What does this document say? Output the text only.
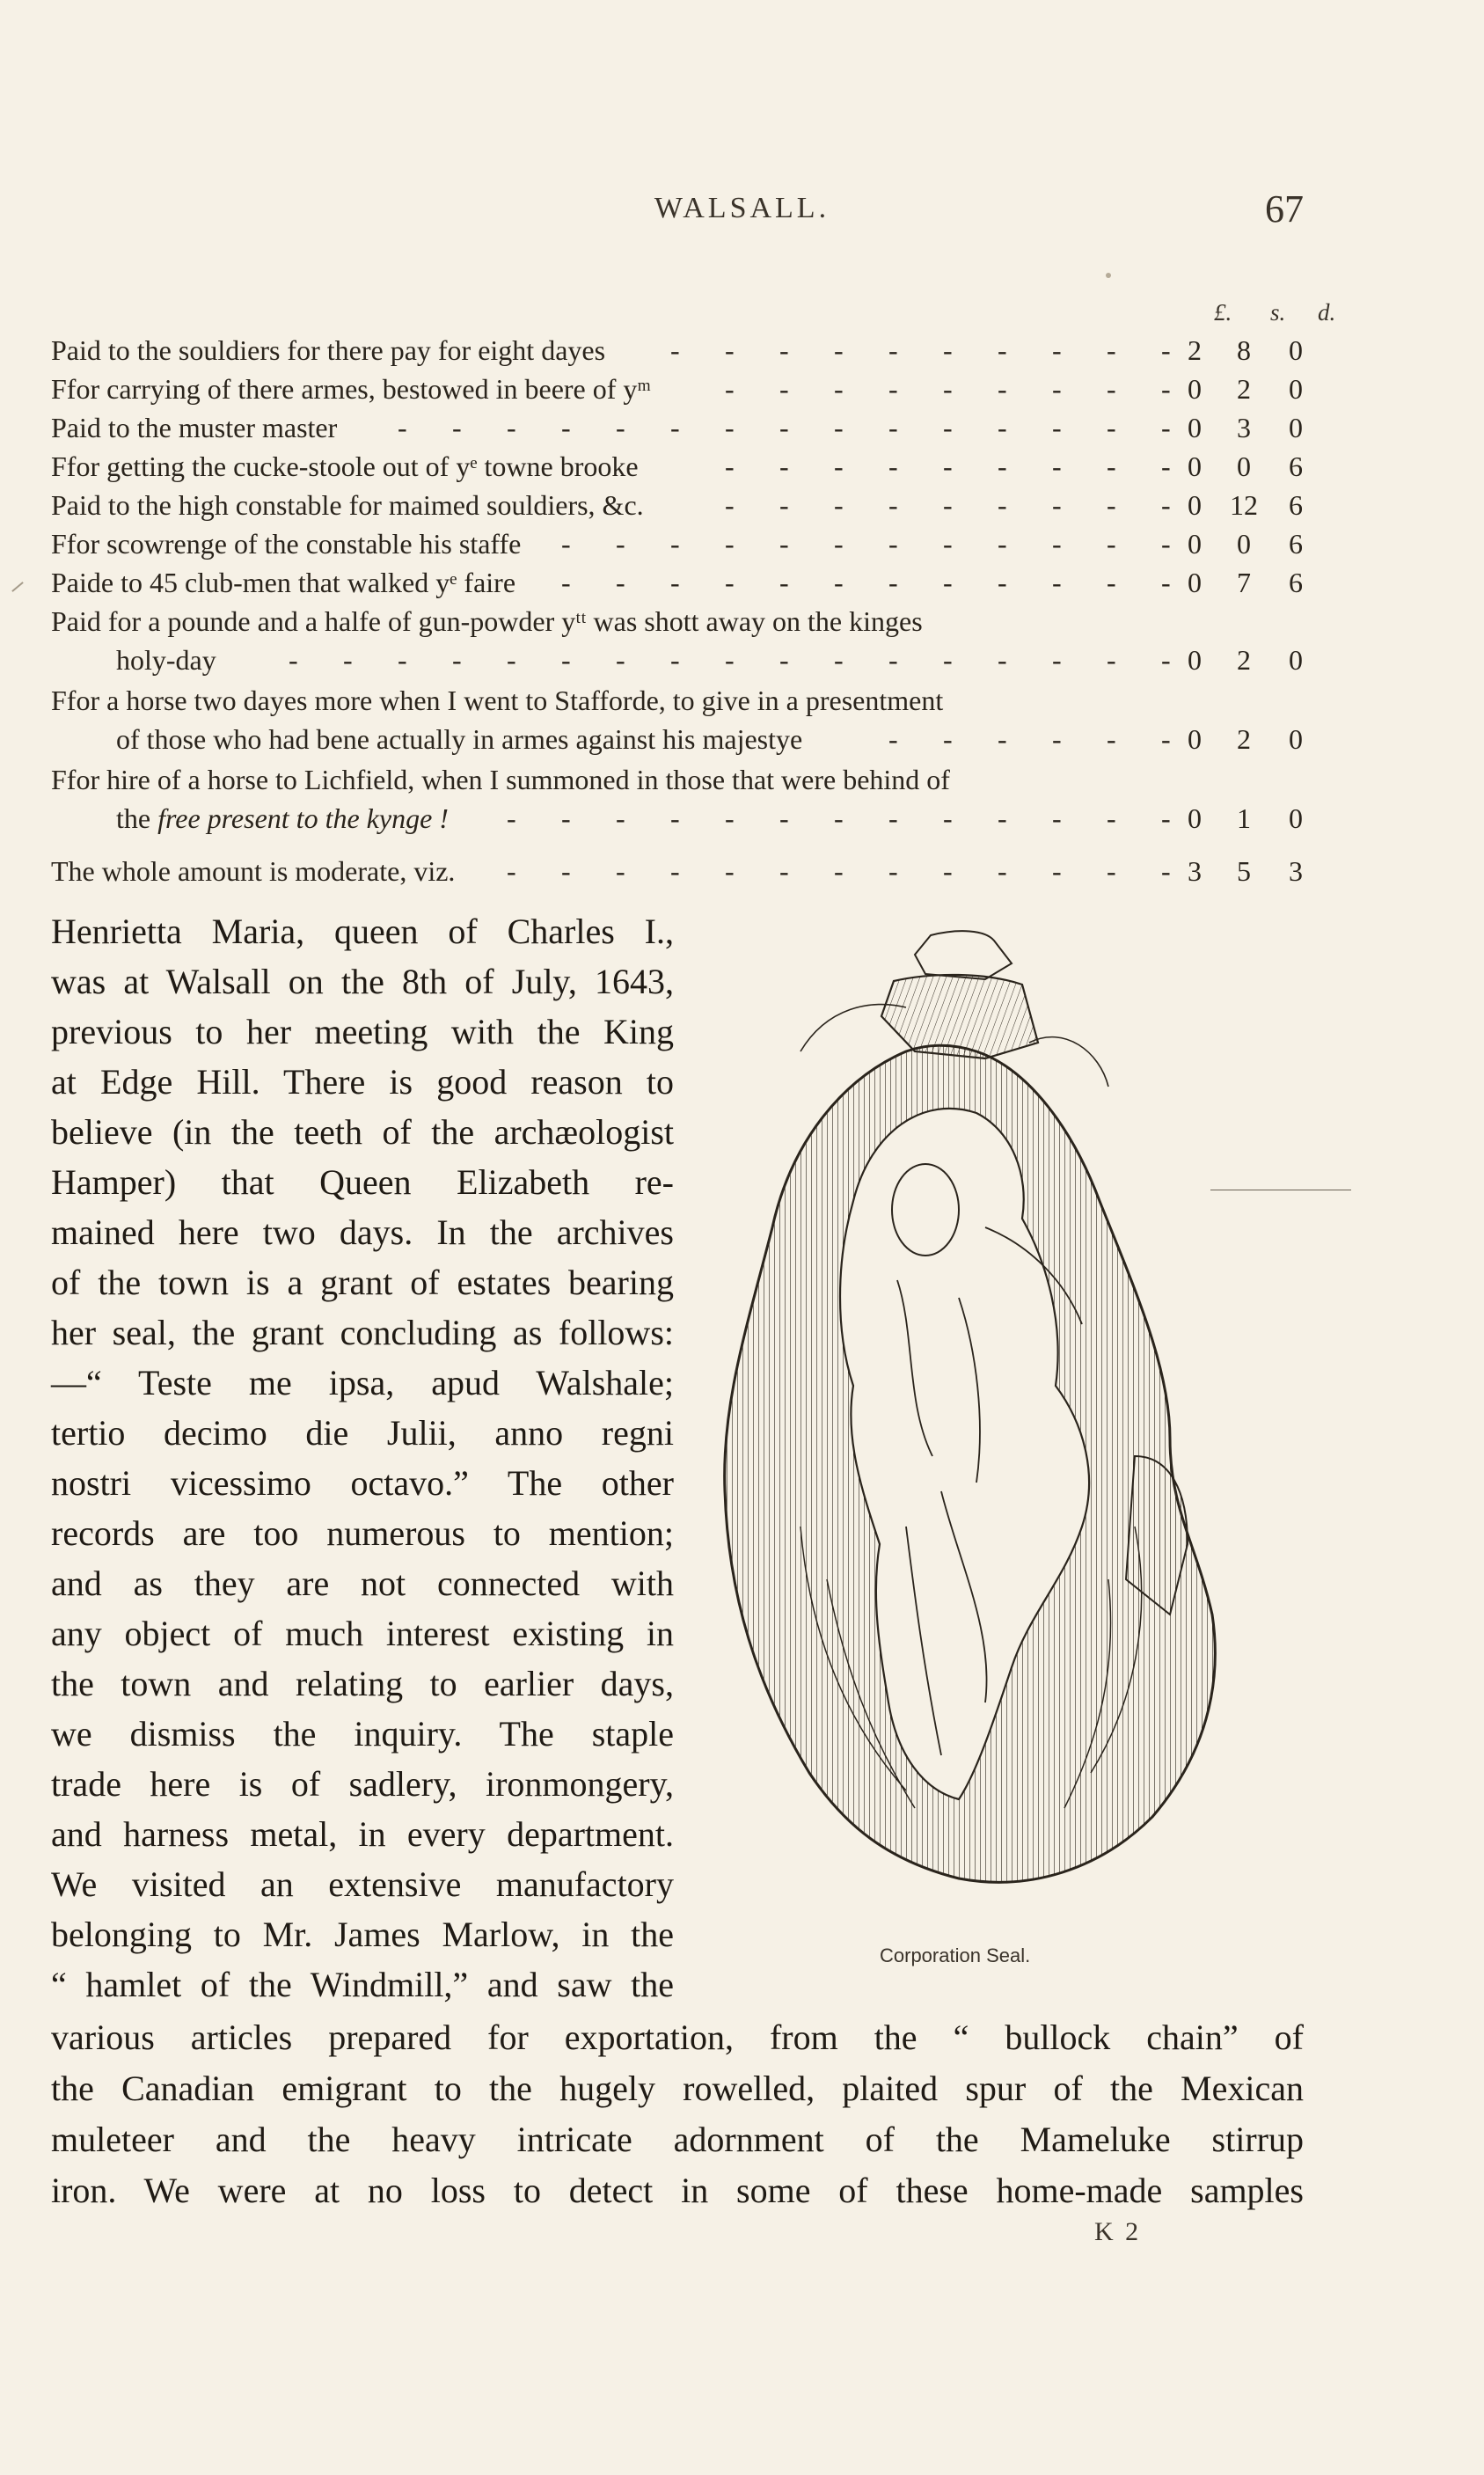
WALSALL.	67
£. s. d.
Paid to the souldiers for there pay for eight dayes	2	8	0
- - - - - - - - - -
Ffor carrying of there armes, bestowed in beere of yᵐ	0	2	0
- - - - - - - - -
Paid to the muster master	0	3	0
- - - - - - - - - - - - - - -
Ffor getting the cucke-stoole out of yᵉ towne brooke	0	0	6
- - - - - - - - -
Paid to the high constable for maimed souldiers, &c.	0	12	6
- - - - - - - - -
Ffor scowrenge of the constable his staffe	0	0	6
- - - - - - - - - - - -
Paide to 45 club-men that walked yᵉ faire	0	7	6
- - - - - - - - - - - -
Paid for a pounde and a halfe of gun-powder yᵗᵗ was shott away on the kinges
holy-day	0	2	0
- - - - - - - - - - - - - - - - -
Ffor a horse two dayes more when I went to Stafforde, to give in a presentment
of those who had bene actually in armes against his majestye	0	2	0
- - - - - -
Ffor hire of a horse to Lichfield, when I summoned in those that were behind of
the free present to the kynge !	0	1	0
- - - - - - - - - - - - -
The whole amount is moderate, viz.	3	5	3
- - - - - - - - - - - - -
Henrietta Maria, queen of Charles I.,
was at Walsall on the 8th of July, 1643,
previous to her meeting with the King
at Edge Hill. There is good reason to
believe (in the teeth of the archæologist
Hamper) that Queen Elizabeth re-
mained here two days. In the archives
of the town is a grant of estates bearing
her seal, the grant concluding as follows:
—“ Teste me ipsa, apud Walshale;
tertio decimo die Julii, anno regni
nostri vicessimo octavo.” The other
records are too numerous to mention;
and as they are not connected with
any object of much interest existing in
the town and relating to earlier days,
we dismiss the inquiry. The staple
trade here is of sadlery, ironmongery,
and harness metal, in every department.
We visited an extensive manufactory
belonging to Mr. James Marlow, in the
“ hamlet of the Windmill,” and saw the
Corporation Seal.
various articles prepared for exportation, from the “ bullock chain” of
the Canadian emigrant to the hugely rowelled, plaited spur of the Mexican
muleteer and the heavy intricate adornment of the Mameluke stirrup
iron. We were at no loss to detect in some of these home-made samples
K 2
